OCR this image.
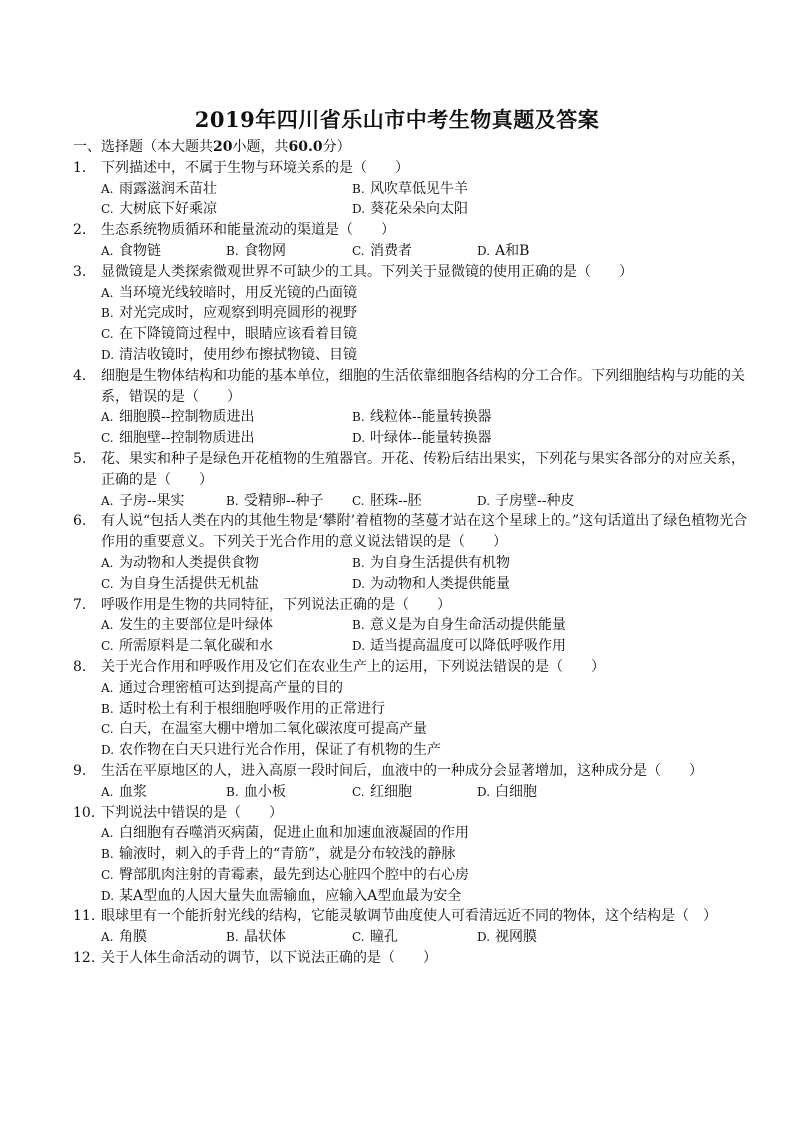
2019年四川省乐山市中考生物真题及答案
一、选择题（本大题共20小题，共60.0分）
1.	下列描述中，不属于生物与环境关系的是（　　）
A. 雨露滋润禾苗壮	B. 风吹草低见牛羊
C. 大树底下好乘凉	D. 葵花朵朵向太阳
2.	生态系统物质循环和能量流动的渠道是（　　）
A. 食物链	B. 食物网	C. 消费者	D. A和B
3.	显微镜是人类探索微观世界不可缺少的工具。下列关于显微镜的使用正确的是（　　）
A. 当环境光线较暗时，用反光镜的凸面镜
B. 对光完成时，应观察到明亮圆形的视野
C. 在下降镜筒过程中，眼睛应该看着目镜
D. 清洁收镜时，使用纱布擦拭物镜、目镜
4.	细胞是生物体结构和功能的基本单位，细胞的生活依靠细胞各结构的分工合作。下列细胞结构与功能的关系，错误的是（　　）
A. 细胞膜--控制物质进出	B. 线粒体--能量转换器
C. 细胞壁--控制物质进出	D. 叶绿体--能量转换器
5.	花、果实和种子是绿色开花植物的生殖器官。开花、传粉后结出果实，下列花与果实各部分的对应关系，正确的是（　　）
A. 子房--果实	B. 受精卵--种子	C. 胚珠--胚	D. 子房壁--种皮
6.	有人说“包括人类在内的其他生物是‘攀附’着植物的茎蔓才站在这个星球上的。”这句话道出了绿色植物光合作用的重要意义。下列关于光合作用的意义说法错误的是（　　）
A. 为动物和人类提供食物	B. 为自身生活提供有机物
C. 为自身生活提供无机盐	D. 为动物和人类提供能量
7.	呼吸作用是生物的共同特征，下列说法正确的是（　　）
A. 发生的主要部位是叶绿体	B. 意义是为自身生命活动提供能量
C. 所需原料是二氧化碳和水	D. 适当提高温度可以降低呼吸作用
8.	关于光合作用和呼吸作用及它们在农业生产上的运用，下列说法错误的是（　　）
A. 通过合理密植可达到提高产量的目的
B. 适时松土有利于根细胞呼吸作用的正常进行
C. 白天，在温室大棚中增加二氧化碳浓度可提高产量
D. 农作物在白天只进行光合作用，保证了有机物的生产
9.	生活在平原地区的人，进入高原一段时间后，血液中的一种成分会显著增加，这种成分是（　　）
A. 血浆	B. 血小板	C. 红细胞	D. 白细胞
10. 下判说法中错误的是（　　）
A. 白细胞有吞噬消灭病菌，促进止血和加速血液凝固的作用
B. 输液时，刺入的手背上的“青筋”，就是分布较浅的静脉
C. 臀部肌肉注射的青霉素，最先到达心脏四个腔中的右心房
D. 某A型血的人因大量失血需输血，应输入A型血最为安全
11. 眼球里有一个能折射光线的结构，它能灵敏调节曲度使人可看清远近不同的物体，这个结构是（　）
A. 角膜	B. 晶状体	C. 瞳孔	D. 视网膜
12. 关于人体生命活动的调节，以下说法正确的是（　　）
